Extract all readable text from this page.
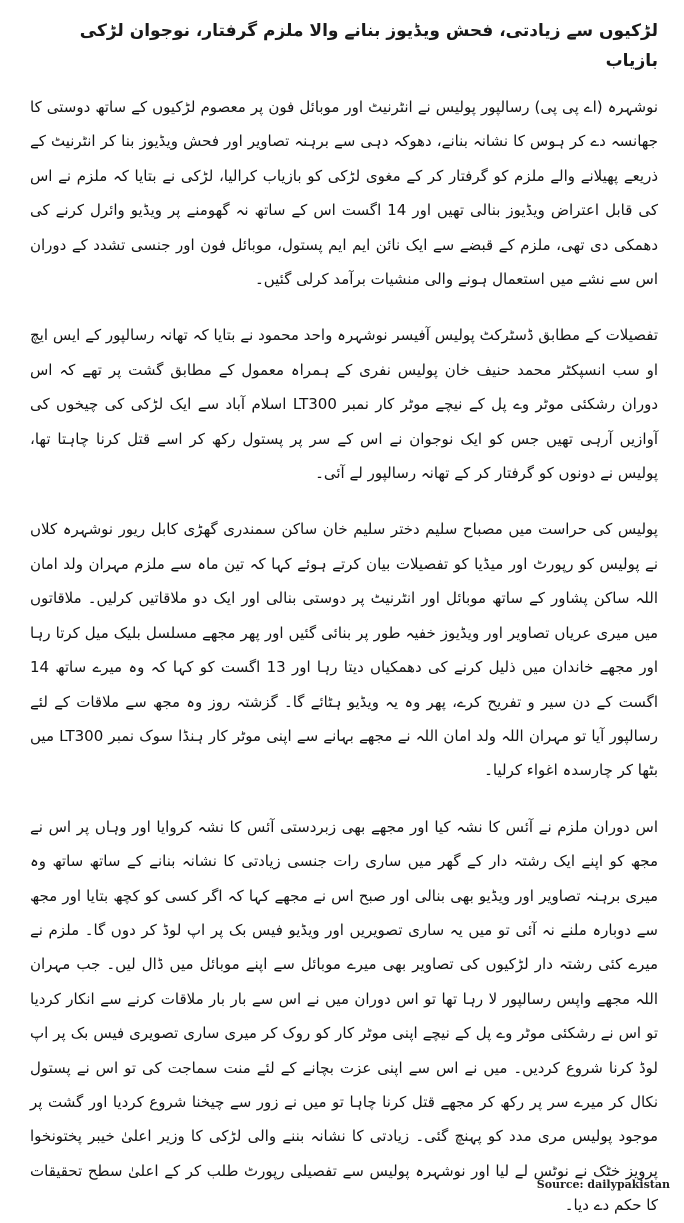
لڑکیوں سے زیادتی، فحش ویڈیوز بنانے والا ملزم گرفتار، نوجوان لڑکی بازیاب

نوشہرہ (اے پی پی) رسالپور پولیس نے انٹرنیٹ اور موبائل فون پر معصوم لڑکیوں کے ساتھ دوستی کا جھانسہ دے کر ہوس کا نشانہ بنانے، دھوکہ دہی سے برہنہ تصاویر اور فحش ویڈیوز بنا کر انٹرنیٹ کے ذریعے پھیلانے والے ملزم کو گرفتار کر کے مغوی لڑکی کو بازیاب کرالیا، لڑکی نے بتایا کہ ملزم نے اس کی قابل اعتراض ویڈیوز بنالی تھیں اور 14 اگست اس کے ساتھ نہ گھومنے پر ویڈیو وائرل کرنے کی دھمکی دی تھی، ملزم کے قبضے سے ایک نائن ایم ایم پستول، موبائل فون اور جنسی تشدد کے دوران اس سے نشے میں استعمال ہونے والی منشیات برآمد کرلی گئیں۔

تفصیلات کے مطابق ڈسٹرکٹ پولیس آفیسر نوشہرہ واحد محمود نے بتایا کہ تھانہ رسالپور کے ایس ایچ او سب انسپکٹر محمد حنیف خان پولیس نفری کے ہمراہ معمول کے مطابق گشت پر تھے کہ اس دوران رشکئی موٹر وے پل کے نیچے موٹر کار نمبر LT300 اسلام آباد سے ایک لڑکی کی چیخوں کی آوازیں آرہی تھیں جس کو ایک نوجوان نے اس کے سر پر پستول رکھ کر اسے قتل کرنا چاہتا تھا، پولیس نے دونوں کو گرفتار کر کے تھانہ رسالپور لے آئی۔

پولیس کی حراست میں مصباح سلیم دختر سلیم خان ساکن سمندری گھڑی کابل ریور نوشہرہ کلاں نے پولیس کو رپورٹ اور میڈیا کو تفصیلات بیان کرتے ہوئے کہا کہ تین ماہ سے ملزم مہران ولد امان اللہ ساکن پشاور کے ساتھ موبائل اور انٹرنیٹ پر دوستی بنالی اور ایک دو ملاقاتیں کرلیں۔ ملاقاتوں میں میری عریاں تصاویر اور ویڈیوز خفیہ طور پر بنائی گئیں اور پھر مجھے مسلسل بلیک میل کرتا رہا اور مجھے خاندان میں ذلیل کرنے کی دھمکیاں دیتا رہا اور 13 اگست کو کہا کہ وہ میرے ساتھ 14 اگست کے دن سیر و تفریح کرے، پھر وہ یہ ویڈیو ہٹائے گا۔ گزشتہ روز وہ مجھ سے ملاقات کے لئے رسالپور آیا تو مہران اللہ ولد امان اللہ نے مجھے بہانے سے اپنی موٹر کار ہنڈا سوک نمبر LT300 میں بٹھا کر چارسدہ اغواء کرلیا۔

اس دوران ملزم نے آئس کا نشہ کیا اور مجھے بھی زبردستی آئس کا نشہ کروایا اور وہاں پر اس نے مجھ کو اپنے ایک رشتہ دار کے گھر میں ساری رات جنسی زیادتی کا نشانہ بنانے کے ساتھ ساتھ وہ میری برہنہ تصاویر اور ویڈیو بھی بنالی اور صبح اس نے مجھے کہا کہ اگر کسی کو کچھ بتایا اور مجھ سے دوبارہ ملنے نہ آئی تو میں یہ ساری تصویریں اور ویڈیو فیس بک پر اپ لوڈ کر دوں گا۔ ملزم نے میرے کئی رشتہ دار لڑکیوں کی تصاویر بھی میرے موبائل سے اپنے موبائل میں ڈال لیں۔ جب مہران اللہ مجھے واپس رسالپور لا رہا تھا تو اس دوران میں نے اس سے بار بار ملاقات کرنے سے انکار کردیا تو اس نے رشکئی موٹر وے پل کے نیچے اپنی موٹر کار کو روک کر میری ساری تصویری فیس بک پر اپ لوڈ کرنا شروع کردیں۔ میں نے اس سے اپنی عزت بچانے کے لئے منت سماجت کی تو اس نے پستول نکال کر میرے سر پر رکھ کر مجھے قتل کرنا چاہا تو میں نے زور سے چیخنا شروع کردیا اور گشت پر موجود پولیس مری مدد کو پہنچ گئی۔ زیادتی کا نشانہ بننے والی لڑکی کا وزیر اعلیٰ خیبر پختونخوا پرویز خٹک نے نوٹس لے لیا اور نوشہرہ پولیس سے تفصیلی رپورٹ طلب کر کے اعلیٰ سطح تحقیقات کا حکم دے دیا۔

Source: dailypakistan
